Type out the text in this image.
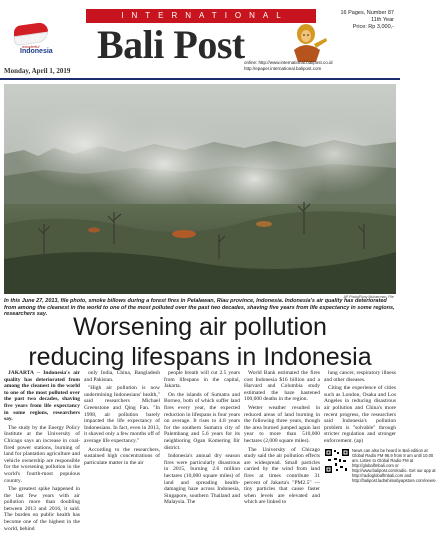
INTERNATIONAL
wonderful
Indonesia Bali Post
16 Pages, Number 87
11th Year
Price: Rp 3,000,-
online: http://www.international.balipost.co.id
http://epaper.international.balipost.com
Monday, April 1, 2019
AP Photo/Rony Muharrman, File
In this June 27, 2013, file photo, smoke billows during a forest fires in Pelalawan, Riau province, Indonesia. Indonesia's air quality has deteriorated from among the cleanest in the world to one of the most polluted over the past two decades, shaving five years from life expectancy in some regions, researchers say.	Worsening air pollution
reducing lifespans in Indonesia

JAKARTA – Indonesia's air quality has deteriorated from among the cleanest in the world to one of the most polluted over the past two decades, shaving five years from life expectancy in some regions, researchers say.

The study by the Energy Policy Institute at the University of Chicago says an increase in coal-fired power stations, burning of land for plantation agriculture and vehicle ownership are responsible for the worsening pollution in the world's fourth-most populous country.

The greatest spike happened in the last few years with air pollution more than doubling between 2013 and 2016, it said. The burden on public health has become one of the highest in the world, behind

only India, China, Bangladesh and Pakistan.

"High air pollution is now undermining Indonesians' health," said researchers Michael Greenstone and Qing Fan. "In 1998, air pollution barely impacted the life expectancy of Indonesians. In fact, even in 2013, it shaved only a few months off of average life expectancy."

According to the researchers, sustained high concentrations of particulate matter in the air

people breath will cut 2.5 years from lifespans in the capital, Jakarta.

On the islands of Sumatra and Borneo, both of which suffer land fires every year, the expected reduction in lifespans is four years on average. It rises to 4.8 years for the southern Sumatra city of Palembang and 5.6 years for its neighboring Ogan Komering Ilir district.

Indonesia's annual dry season fires were particularly disastrous in 2015, burning 2.6 million hectares (10,000 square miles) of land and spreading health-damaging haze across Indonesia, Singapore, southern Thailand and Malaysia. The

World Bank estimated the fires cost Indonesia $16 billion and a Harvard and Columbia study estimated the haze hastened 100,000 deaths in the region.

Wetter weather resulted in reduced areas of land burning in the following three years, though the area burned jumped again last year to more than 510,000 hectares (2,000 square miles).

The University of Chicago study said the air pollution effects are widespread. Small particles carried by the wind from land fires at times contribute 31 percent of Jakarta's "PM2.5" — tiny particles that cause faster when levels are elevated and which are linked to

lung cancer, respiratory illness and other diseases.

Citing the experience of cities such as London, Osaka and Los Angeles in reducing disastrous air pollution and China's more recent progress, the researchers said Indonesia's pollution problem is "solvable" through stricter regulation and stronger enforcement. (ap)

News can also be heard in Bali edition at Global Radio FM 96.9 from 8 am until 10.00 am. Listen to Global Radio FM at http://globalfmbali.com or http://www.balipost.com/radio. Get our app at http://radioglobalfmbali.com and http://balipost.ladrahimabyapstore.com/news-
